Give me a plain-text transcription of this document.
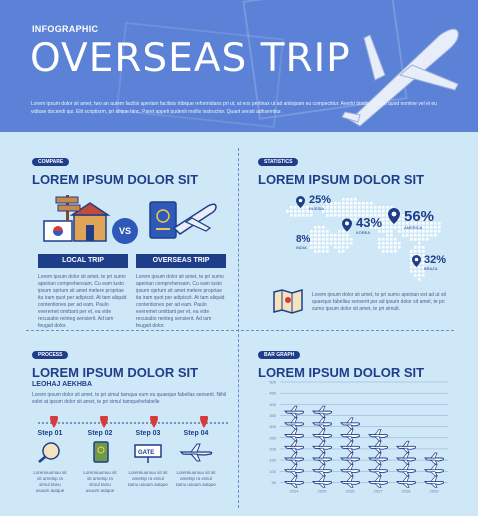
INFOGRAPHIC
OVERSEAS TRIP
Lorem ipsum dolor sit amet, two an autem facilisi aperiam facilisis rtibique reformidans pri ut, at eos pertinax ut ad antiopam eu compectitur. Avertri tionibus at vis quod nomine vel ei eu vidisse docendi qui. Elit scriptisrm, pri alique hinc. Paret appeti pudenti mollis instructior. Quaot sensit adhsemtiur.
COMPARE
LOREM IPSUM DOLOR SIT
VS
LOCAL TRIP	OVERSEAS TRIP
Lorem ipsum dolor sit amet, te pri sumo apeirian comprehensam. Cu eam iusto ipsum oprtum sit amet metere propriae ita iram quot per adipiscit. At tam aliquid contentiones per ad eam. Paulo everemet omittant per et, ea vide recusabo reinteg sensierit. Ad iam feugait dolor.
Lorem ipsum dolor sit amet, te pri sumo apeirian comprehensam. Cu eam iusto ipsum oprtum sit amet metere propriae ita iram quot per adipiscit. At tam aliquid contentiones per ad eam. Paulo everemet omittant per et, ea vide recusabo reinteg sensierit. Ad iam feugait dolor.
STATISTICS
LOREM IPSUM DOLOR SIT
25%
RUSSIA
43%
KOREA
56%
AMERICA
8%
INDIA
32%
BRAZIL
Lorem ipsum dolor sit amet, te pri sumo apeirian est ad ut sit quaequo fabellas senserit per ad ipsum dolor sit amet, te pri sumo ipsum dolor sit amet, te pri simult.
PROCESS
LOREM IPSUM DOLOR SIT
LEOHAJ AEKHBA
Lorem ipsum dolor sit amet, te pri simul tamqua eum eu quaeque fabellas senserit. Nihil solet at ipsum dolor sit amet, te pri simul tamquehefabelle
Step 01
Loremiuumuu sit sit ametsp ra simul tamu usuum autque
Step 02
Loremiuumuu sit sit ametsp ra simul tamu usuum autque
Step 03
GATE
Loremiuumuu sit sit ametsp ra simul tamu usuum autque
Step 04
Loremiuumuu sit sit ametsp ra simul tamu usuum autque
BAR GRAPH
LOREM IPSUM DOLOR SIT
500
450
400
350
300
250
200
150
100
50
2024	2025	2026	2027	2028	2029
